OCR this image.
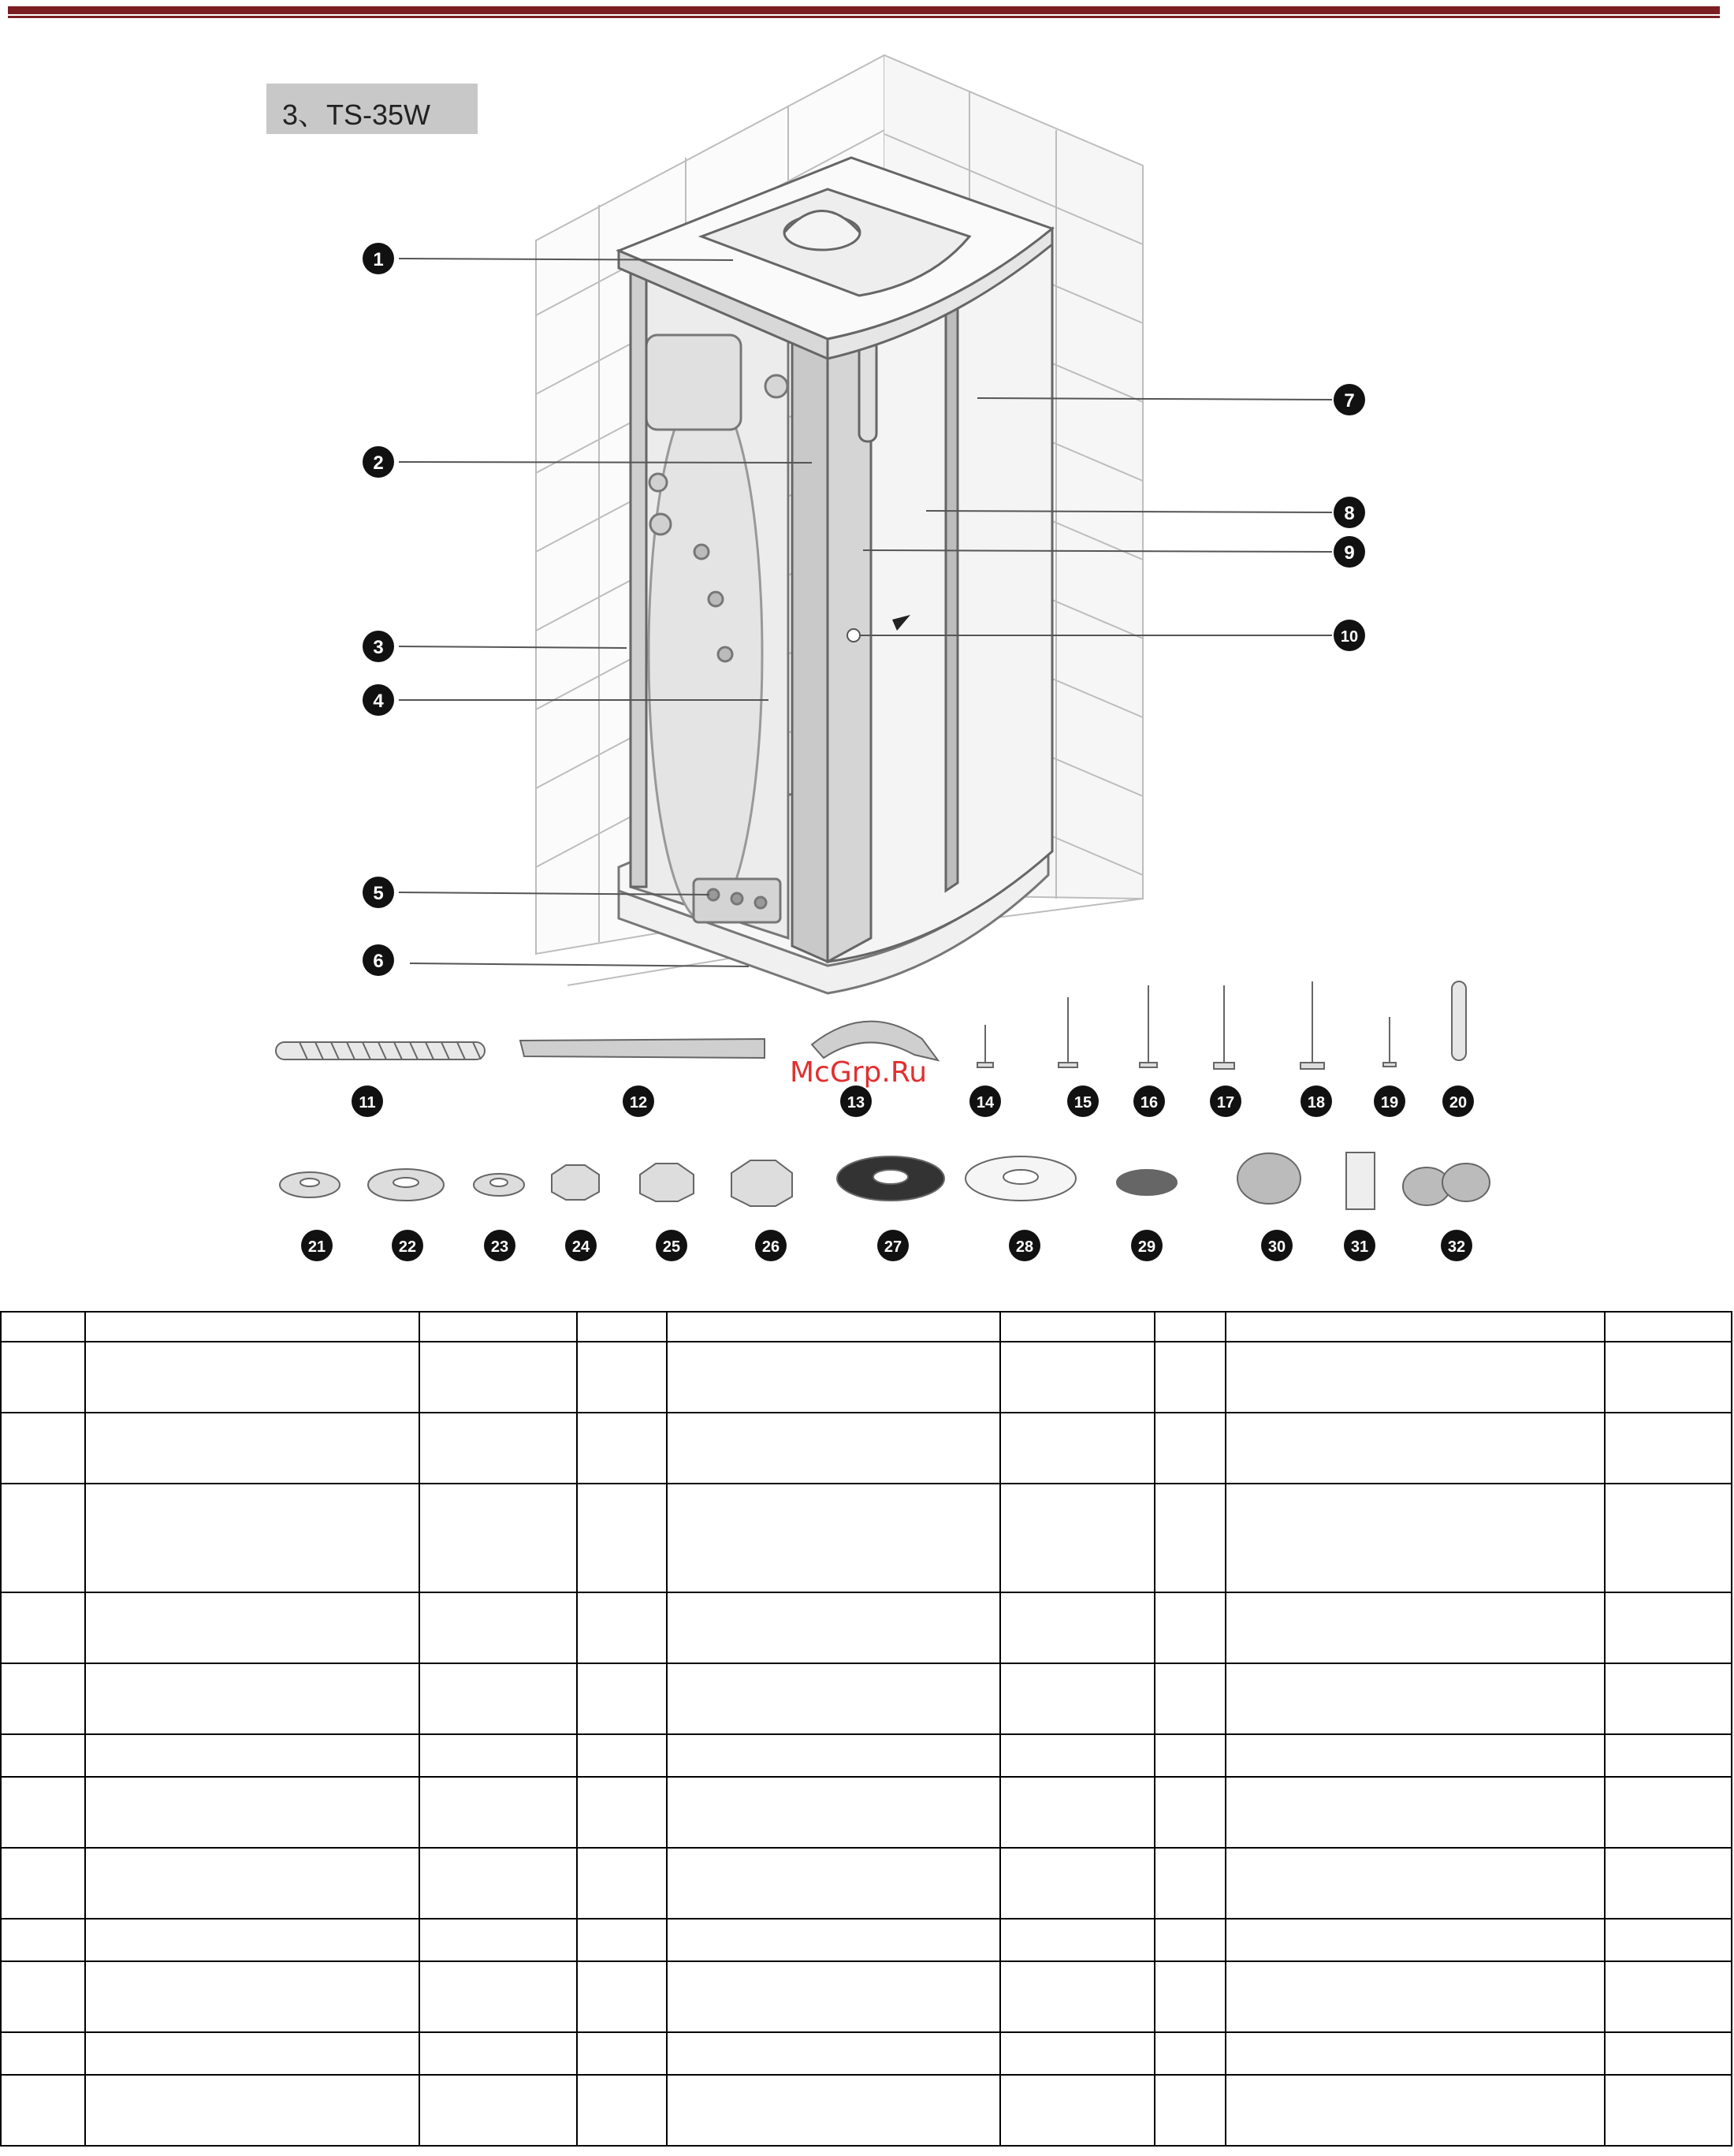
3、TS-35W
1
2
3
4
5
6
7
8
9
10
11	12	13	14	15	16	17	18	19	20
21	22	23	24	25	26	27	28	29	30	31	32
McGrp.Ru
